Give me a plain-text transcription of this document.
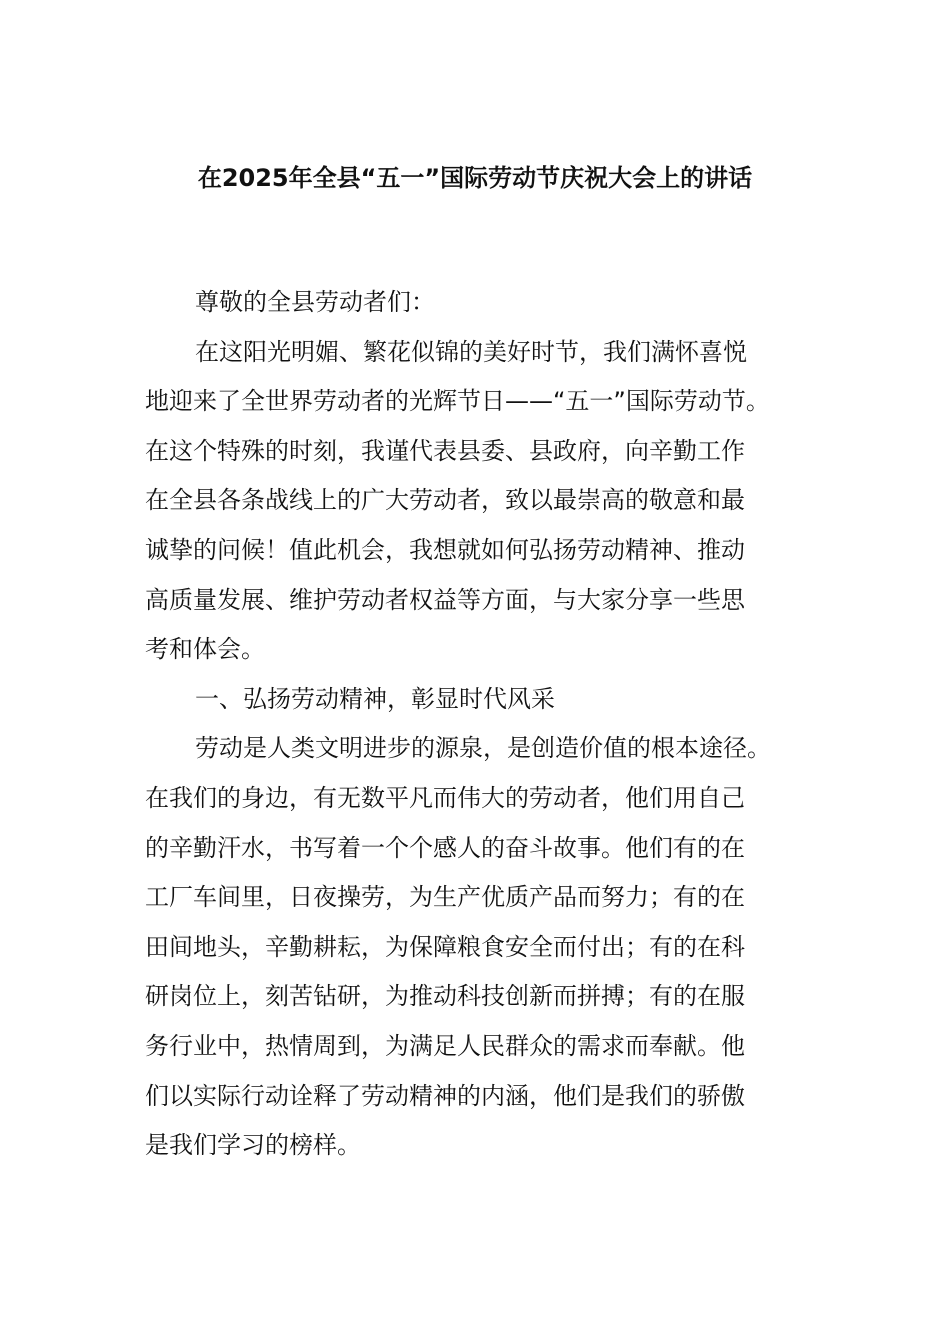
在2025年全县“五一”国际劳动节庆祝大会上的讲话
尊敬的全县劳动者们：
在这阳光明媚、繁花似锦的美好时节，我们满怀喜悦
地迎来了全世界劳动者的光辉节日——“五一”国际劳动节。
在这个特殊的时刻，我谨代表县委、县政府，向辛勤工作
在全县各条战线上的广大劳动者，致以最崇高的敬意和最
诚挚的问候！值此机会，我想就如何弘扬劳动精神、推动
高质量发展、维护劳动者权益等方面，与大家分享一些思
考和体会。
一、弘扬劳动精神，彰显时代风采
劳动是人类文明进步的源泉，是创造价值的根本途径。
在我们的身边，有无数平凡而伟大的劳动者，他们用自己
的辛勤汗水，书写着一个个感人的奋斗故事。他们有的在
工厂车间里，日夜操劳，为生产优质产品而努力；有的在
田间地头，辛勤耕耘，为保障粮食安全而付出；有的在科
研岗位上，刻苦钻研，为推动科技创新而拼搏；有的在服
务行业中，热情周到，为满足人民群众的需求而奉献。他
们以实际行动诠释了劳动精神的内涵，他们是我们的骄傲
是我们学习的榜样。
